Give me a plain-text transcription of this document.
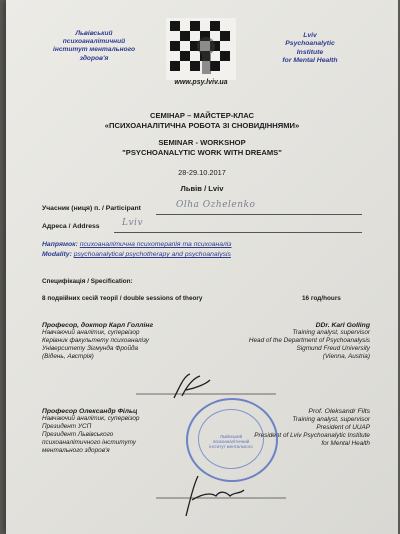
Львівський
психоаналітичний
інститут ментального
здоров'я
www.psy.lviv.ua
Lviv
Psychoanalytic
Institute
for Mental Health
СЕМІНАР – МАЙСТЕР-КЛАС
«ПСИХОАНАЛІТИЧНА РОБОТА ЗІ СНОВИДІННЯМИ»
SEMINAR - WORKSHOP
"PSYCHOANALYTIC WORK WITH DREAMS"
28-29.10.2017
Львів / Lviv
Учасник (ниця) п. / Participant	Olha Ozhelenko
Адреса / Address Lviv
Напрямок: психоаналітична психотерапія та психоаналіз
Modality: psychoanalytical psychotherapy and psychoanalysis
Специфікація / Specification:
8 подвійних сесій теорії / double sessions of theory	16 год/hours
Професор, доктор Карл Голлінг
Навчаючий аналітик, супервізор
Керівник факультету психоаналізу
Університету Зігмунда Фройда
(Відень, Австрія)
DDr. Karl Golling
Training analyst, supervisor
Head of the Department of Psychoanalysis
Sigmund Freud University
(Vienna, Austria)
Професор Олександр Фільц
Навчаючий аналітик, супервізор
Президент УСП
Президент Львівського
психоаналітичного інституту
ментального здоров'я
Prof. Oleksandr Filts
Training analyst, supervisor
President of UUAP
President of Lviv Psychoanalytic Institute
for Mental Health
Львівський
психоаналітичний
інститут ментального
